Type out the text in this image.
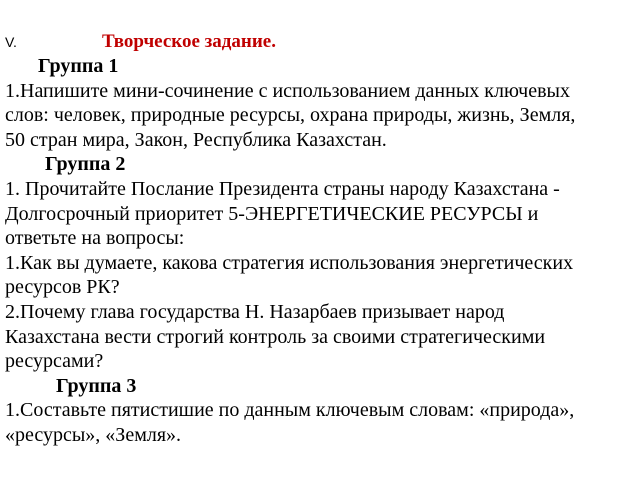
V.	Творческое задание.
Группа 1
1.Напишите мини-сочинение с использованием данных ключевых
слов: человек, природные ресурсы, охрана природы, жизнь, Земля,
50 стран мира, Закон, Республика Казахстан.
Группа 2
1. Прочитайте Послание Президента страны народу Казахстана -
Долгосрочный приоритет 5-ЭНЕРГЕТИЧЕСКИЕ РЕСУРСЫ и
ответьте на вопросы:
1.Как вы думаете, какова стратегия использования энергетических
ресурсов РК?
2.Почему глава государства Н. Назарбаев призывает народ
Казахстана вести строгий контроль за своими стратегическими
ресурсами?
Группа 3
1.Составьте пятистишие по данным ключевым словам: «природа»,
«ресурсы», «Земля».
